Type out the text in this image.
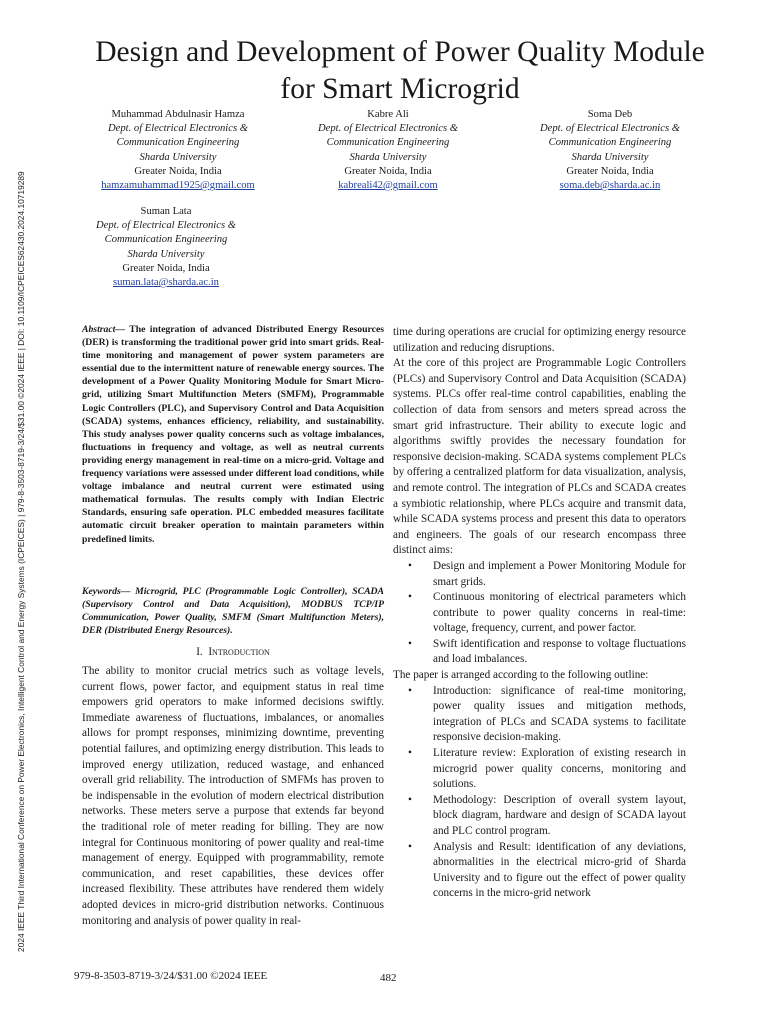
2024 IEEE Third International Conference on Power Electronics, Intelligent Control and Energy Systems (ICPEICES) | 979-8-3503-8719-3/24/$31.00 ©2024 IEEE | DOI: 10.1109/ICPEICES62430.2024.10719289
Design and Development of Power Quality Module
for Smart Microgrid
Muhammad Abdulnasir Hamza
Dept. of Electrical Electronics &
Communication Engineering
Sharda University
Greater Noida, India
hamzamuhammad1925@gmail.com
Kabre Ali
Dept. of Electrical Electronics &
Communication Engineering
Sharda University
Greater Noida, India
kabreali42@gmail.com
Soma Deb
Dept. of Electrical Electronics &
Communication Engineering
Sharda University
Greater Noida, India
soma.deb@sharda.ac.in
Suman Lata
Dept. of Electrical Electronics &
Communication Engineering
Sharda University
Greater Noida, India
suman.lata@sharda.ac.in

Abstract— The integration of advanced Distributed Energy Resources (DER) is transforming the traditional power grid into smart grids. Real-time monitoring and management of power system parameters are essential due to the intermittent nature of renewable energy sources. The development of a Power Quality Monitoring Module for Smart Micro-grid, utilizing Smart Multifunction Meters (SMFM), Programmable Logic Controllers (PLC), and Supervisory Control and Data Acquisition (SCADA) systems, enhances efficiency, reliability, and sustainability. This study analyses power quality concerns such as voltage imbalances, fluctuations in frequency and voltage, as well as neutral currents providing energy management in real-time on a micro-grid. Voltage and frequency variations were assessed under different load conditions, while voltage imbalance and neutral current were estimated using mathematical formulas. The results comply with Indian Electric Standards, ensuring safe operation. PLC embedded measures facilitate automatic circuit breaker operation to maintain parameters within predefined limits.

Keywords— Microgrid, PLC (Programmable Logic Controller), SCADA (Supervisory Control and Data Acquisition), MODBUS TCP/IP Communication, Power Quality, SMFM (Smart Multifunction Meters), DER (Distributed Energy Resources).

I. Introduction

The ability to monitor crucial metrics such as voltage levels, current flows, power factor, and equipment status in real time empowers grid operators to make informed decisions swiftly. Immediate awareness of fluctuations, imbalances, or anomalies allows for prompt responses, minimizing downtime, preventing potential failures, and optimizing energy distribution. This leads to improved energy utilization, reduced wastage, and enhanced overall grid reliability. The introduction of SMFMs has proven to be indispensable in the evolution of modern electrical distribution networks. These meters serve a purpose that extends far beyond the traditional role of meter reading for billing. They are now integral for Continuous monitoring of power quality and real-time management of energy. Equipped with programmability, remote communication, and reset capabilities, these devices offer increased flexibility. These attributes have rendered them widely adopted devices in micro-grid distribution networks. Continuous monitoring and analysis of power quality in real-

time during operations are crucial for optimizing energy resource utilization and reducing disruptions.

At the core of this project are Programmable Logic Controllers (PLCs) and Supervisory Control and Data Acquisition (SCADA) systems. PLCs offer real-time control capabilities, enabling the collection of data from sensors and meters spread across the smart grid infrastructure. Their ability to execute logic and algorithms swiftly provides the necessary foundation for responsive decision-making. SCADA systems complement PLCs by offering a centralized platform for data visualization, analysis, and remote control. The integration of PLCs and SCADA creates a symbiotic relationship, where PLCs acquire and transmit data, while SCADA systems process and present this data to operators and engineers. The goals of our research encompass three distinct aims:

• Design and implement a Power Monitoring Module for smart grids.
• Continuous monitoring of electrical parameters which contribute to power quality concerns in real-time: voltage, frequency, current, and power factor.
• Swift identification and response to voltage fluctuations and load imbalances.

The paper is arranged according to the following outline:

• Introduction: significance of real-time monitoring, power quality issues and mitigation methods, integration of PLCs and SCADA systems to facilitate responsive decision-making.
• Literature review: Exploration of existing research in microgrid power quality concerns, monitoring and solutions.
• Methodology: Description of overall system layout, block diagram, hardware and design of SCADA layout and PLC control program.
• Analysis and Result: identification of any deviations, abnormalities in the electrical micro-grid of Sharda University and to figure out the effect of power quality concerns in the micro-grid network
979-8-3503-8719-3/24/$31.00 ©2024 IEEE	482
